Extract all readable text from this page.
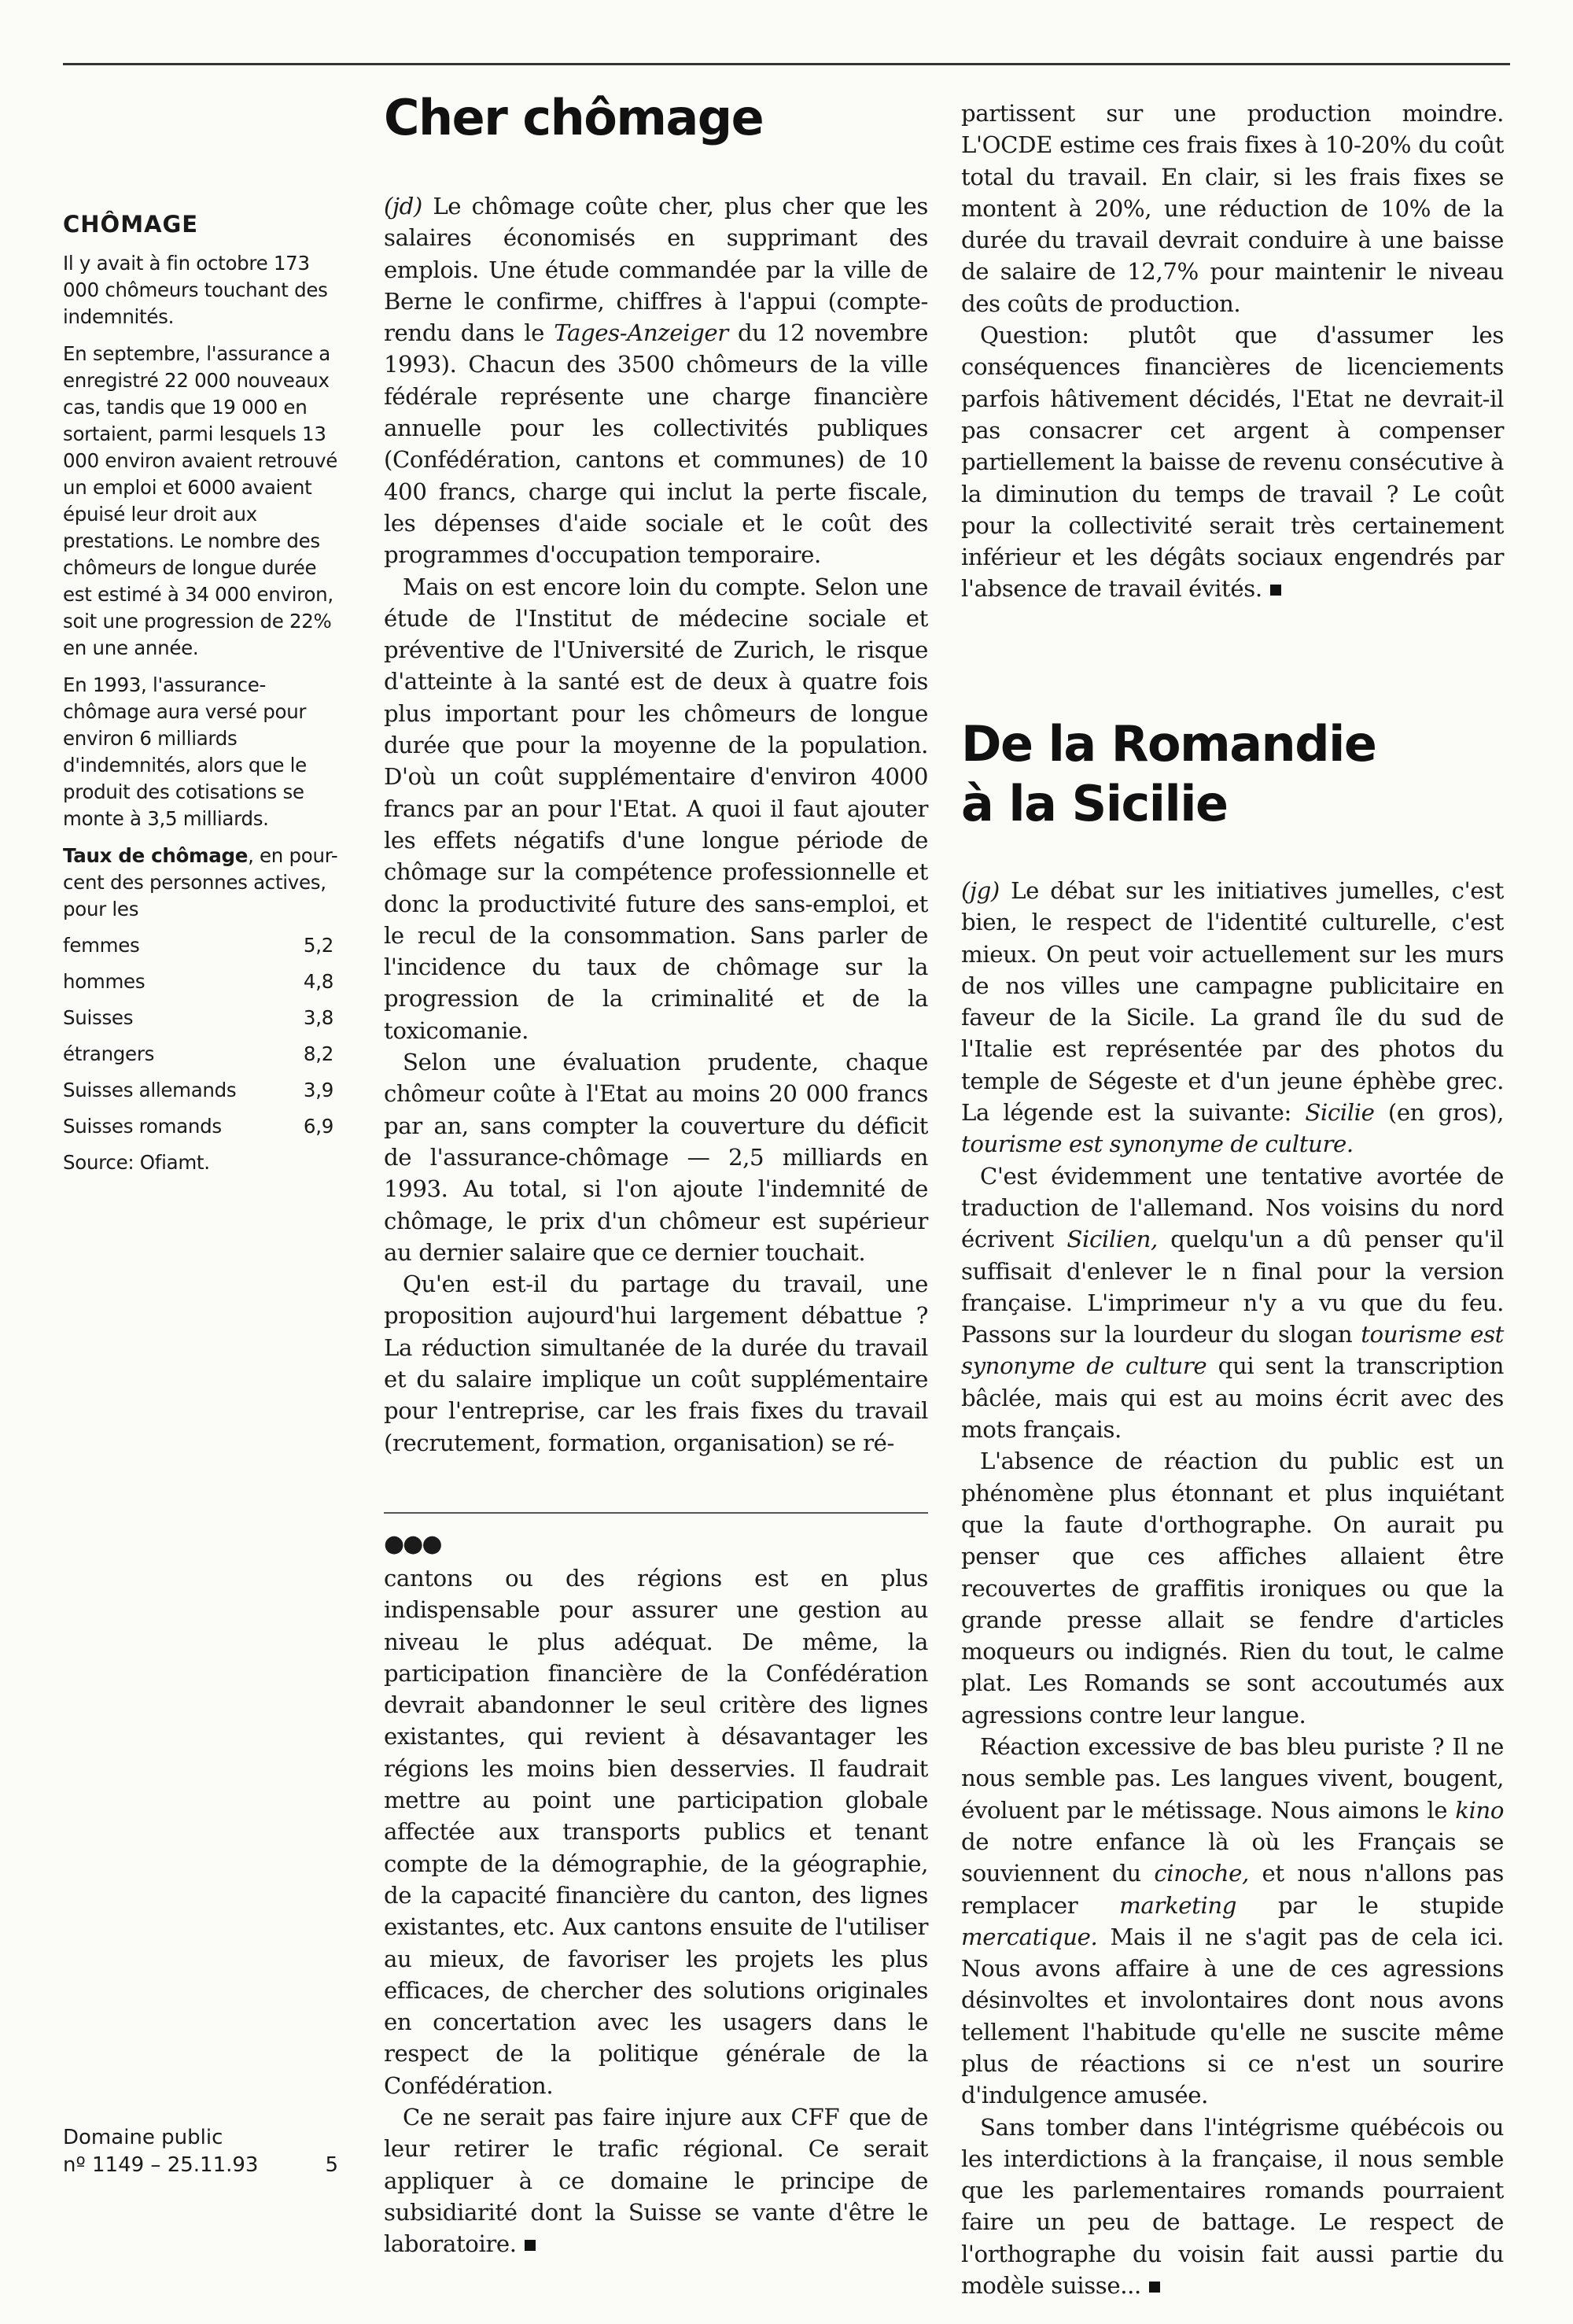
CHÔMAGE

Il y avait à fin octobre 173 000 chômeurs touchant des indemnités.

En septembre, l'assurance a enregistré 22 000 nouveaux cas, tandis que 19 000 en sortaient, parmi lesquels 13 000 environ avaient retrouvé un emploi et 6000 avaient épuisé leur droit aux prestations. Le nombre des chômeurs de longue durée est estimé à 34 000 environ, soit une progression de 22% en une année.

En 1993, l'assurance-chômage aura versé pour environ 6 milliards d'indemnités, alors que le produit des cotisations se monte à 3,5 milliards.

Taux de chômage, en pour-cent des personnes actives, pour les

femmes	5,2
hommes	4,8
Suisses	3,8
étrangers	8,2
Suisses allemands	3,9
Suisses romands	6,9
Source: Ofiamt.
Domaine public
nº 1149 – 25.11.93	5
Cher chômage

(jd) Le chômage coûte cher, plus cher que les salaires économisés en supprimant des emplois. Une étude commandée par la ville de Berne le confirme, chiffres à l'appui (compte-rendu dans le Tages-Anzeiger du 12 novembre 1993). Chacun des 3500 chômeurs de la ville fédérale représente une charge financière annuelle pour les collectivités publiques (Confédération, cantons et communes) de 10 400 francs, charge qui inclut la perte fiscale, les dépenses d'aide sociale et le coût des programmes d'occupation temporaire.

Mais on est encore loin du compte. Selon une étude de l'Institut de médecine sociale et préventive de l'Université de Zurich, le risque d'atteinte à la santé est de deux à quatre fois plus important pour les chômeurs de longue durée que pour la moyenne de la population. D'où un coût supplémentaire d'environ 4000 francs par an pour l'Etat. A quoi il faut ajouter les effets négatifs d'une longue période de chômage sur la compétence professionnelle et donc la productivité future des sans-emploi, et le recul de la consommation. Sans parler de l'incidence du taux de chômage sur la progression de la criminalité et de la toxicomanie.

Selon une évaluation prudente, chaque chômeur coûte à l'Etat au moins 20 000 francs par an, sans compter la couverture du déficit de l'assurance-chômage — 2,5 milliards en 1993. Au total, si l'on ajoute l'indemnité de chômage, le prix d'un chômeur est supérieur au dernier salaire que ce dernier touchait.

Qu'en est-il du partage du travail, une proposition aujourd'hui largement débattue ? La réduction simultanée de la durée du travail et du salaire implique un coût supplémentaire pour l'entreprise, car les frais fixes du travail (recrutement, formation, organisation) se ré-

●●●

cantons ou des régions est en plus indispensable pour assurer une gestion au niveau le plus adéquat. De même, la participation financière de la Confédération devrait abandonner le seul critère des lignes existantes, qui revient à désavantager les régions les moins bien desservies. Il faudrait mettre au point une participation globale affectée aux transports publics et tenant compte de la démographie, de la géographie, de la capacité financière du canton, des lignes existantes, etc. Aux cantons ensuite de l'utiliser au mieux, de favoriser les projets les plus efficaces, de chercher des solutions originales en concertation avec les usagers dans le respect de la politique générale de la Confédération.

Ce ne serait pas faire injure aux CFF que de leur retirer le trafic régional. Ce serait appliquer à ce domaine le principe de subsidiarité dont la Suisse se vante d'être le laboratoire.

partissent sur une production moindre. L'OCDE estime ces frais fixes à 10-20% du coût total du travail. En clair, si les frais fixes se montent à 20%, une réduction de 10% de la durée du travail devrait conduire à une baisse de salaire de 12,7% pour maintenir le niveau des coûts de production.

Question: plutôt que d'assumer les conséquences financières de licenciements parfois hâtivement décidés, l'Etat ne devrait-il pas consacrer cet argent à compenser partiellement la baisse de revenu consécutive à la diminution du temps de travail ? Le coût pour la collectivité serait très certainement inférieur et les dégâts sociaux engendrés par l'absence de travail évités.

De la Romandie
à la Sicilie

(jg) Le débat sur les initiatives jumelles, c'est bien, le respect de l'identité culturelle, c'est mieux. On peut voir actuellement sur les murs de nos villes une campagne publicitaire en faveur de la Sicile. La grand île du sud de l'Italie est représentée par des photos du temple de Ségeste et d'un jeune éphèbe grec. La légende est la suivante: Sicilie (en gros), tourisme est synonyme de culture.

C'est évidemment une tentative avortée de traduction de l'allemand. Nos voisins du nord écrivent Sicilien, quelqu'un a dû penser qu'il suffisait d'enlever le n final pour la version française. L'imprimeur n'y a vu que du feu. Passons sur la lourdeur du slogan tourisme est synonyme de culture qui sent la transcription bâclée, mais qui est au moins écrit avec des mots français.

L'absence de réaction du public est un phénomène plus étonnant et plus inquiétant que la faute d'orthographe. On aurait pu penser que ces affiches allaient être recouvertes de graffitis ironiques ou que la grande presse allait se fendre d'articles moqueurs ou indignés. Rien du tout, le calme plat. Les Romands se sont accoutumés aux agressions contre leur langue.

Réaction excessive de bas bleu puriste ? Il ne nous semble pas. Les langues vivent, bougent, évoluent par le métissage. Nous aimons le kino de notre enfance là où les Français se souviennent du cinoche, et nous n'allons pas remplacer marketing par le stupide mercatique. Mais il ne s'agit pas de cela ici. Nous avons affaire à une de ces agressions désinvoltes et involontaires dont nous avons tellement l'habitude qu'elle ne suscite même plus de réactions si ce n'est un sourire d'indulgence amusée.

Sans tomber dans l'intégrisme québécois ou les interdictions à la française, il nous semble que les parlementaires romands pourraient faire un peu de battage. Le respect de l'orthographe du voisin fait aussi partie du modèle suisse...
